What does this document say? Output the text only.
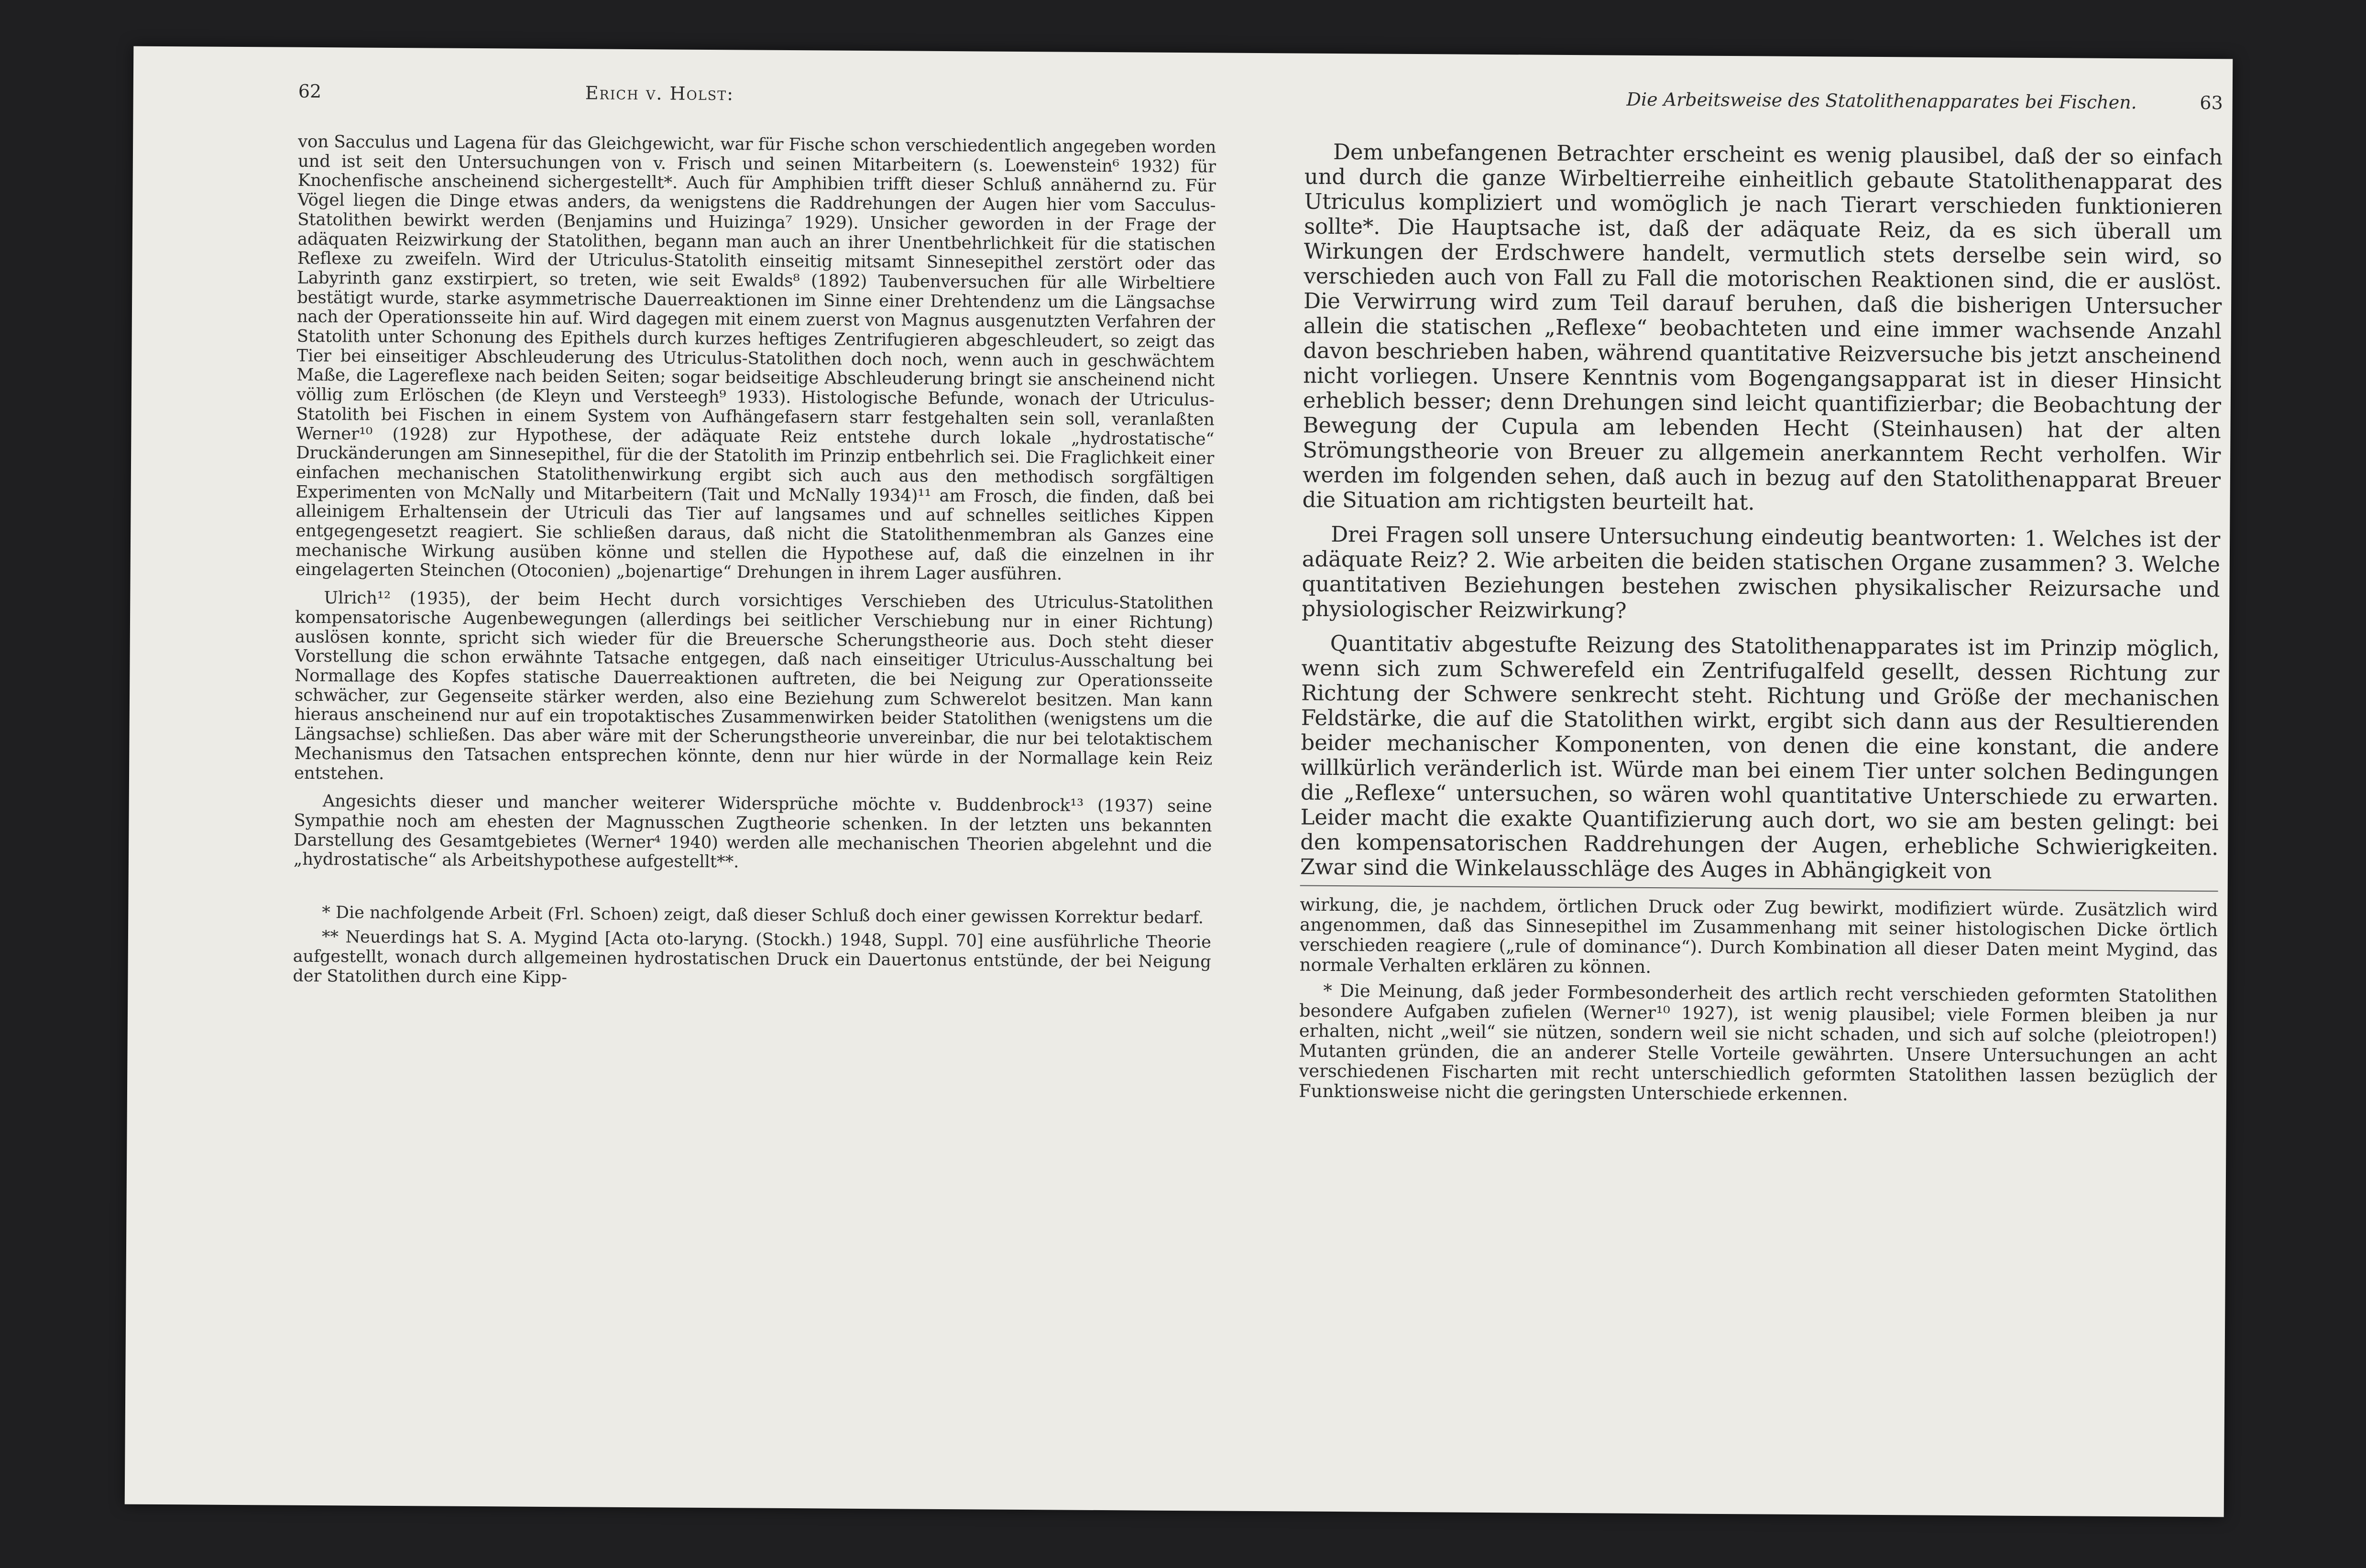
62	Erich v. Holst:

von Sacculus und Lagena für das Gleichgewicht, war für Fische schon verschiedentlich angegeben worden und ist seit den Untersuchungen von v. Frisch und seinen Mitarbeitern (s. Loewenstein⁶ 1932) für Knochenfische anscheinend sichergestellt*. Auch für Amphibien trifft dieser Schluß annähernd zu. Für Vögel liegen die Dinge etwas anders, da wenigstens die Raddrehungen der Augen hier vom Sacculus-Statolithen bewirkt werden (Benjamins und Huizinga⁷ 1929). Unsicher geworden in der Frage der adäquaten Reizwirkung der Statolithen, begann man auch an ihrer Unentbehrlichkeit für die statischen Reflexe zu zweifeln. Wird der Utriculus-Statolith einseitig mitsamt Sinnesepithel zerstört oder das Labyrinth ganz exstirpiert, so treten, wie seit Ewalds⁸ (1892) Taubenversuchen für alle Wirbeltiere bestätigt wurde, starke asymmetrische Dauerreaktionen im Sinne einer Drehtendenz um die Längsachse nach der Operationsseite hin auf. Wird dagegen mit einem zuerst von Magnus ausgenutzten Verfahren der Statolith unter Schonung des Epithels durch kurzes heftiges Zentrifugieren abgeschleudert, so zeigt das Tier bei einseitiger Abschleuderung des Utriculus-Statolithen doch noch, wenn auch in geschwächtem Maße, die Lagereflexe nach beiden Seiten; sogar beidseitige Abschleuderung bringt sie anscheinend nicht völlig zum Erlöschen (de Kleyn und Versteegh⁹ 1933). Histologische Befunde, wonach der Utriculus-Statolith bei Fischen in einem System von Aufhängefasern starr festgehalten sein soll, veranlaßten Werner¹⁰ (1928) zur Hypothese, der adäquate Reiz entstehe durch lokale „hydrostatische“ Druckänderungen am Sinnesepithel, für die der Statolith im Prinzip entbehrlich sei. Die Fraglichkeit einer einfachen mechanischen Statolithenwirkung ergibt sich auch aus den methodisch sorgfältigen Experimenten von McNally und Mitarbeitern (Tait und McNally 1934)¹¹ am Frosch, die finden, daß bei alleinigem Erhaltensein der Utriculi das Tier auf langsames und auf schnelles seitliches Kippen entgegengesetzt reagiert. Sie schließen daraus, daß nicht die Statolithenmembran als Ganzes eine mechanische Wirkung ausüben könne und stellen die Hypothese auf, daß die einzelnen in ihr eingelagerten Steinchen (Otoconien) „bojenartige“ Drehungen in ihrem Lager ausführen.

Ulrich¹² (1935), der beim Hecht durch vorsichtiges Verschieben des Utriculus-Statolithen kompensatorische Augenbewegungen (allerdings bei seitlicher Verschiebung nur in einer Richtung) auslösen konnte, spricht sich wieder für die Breuersche Scherungstheorie aus. Doch steht dieser Vorstellung die schon erwähnte Tatsache entgegen, daß nach einseitiger Utriculus-Ausschaltung bei Normallage des Kopfes statische Dauerreaktionen auftreten, die bei Neigung zur Operationsseite schwächer, zur Gegenseite stärker werden, also eine Beziehung zum Schwerelot besitzen. Man kann hieraus anscheinend nur auf ein tropotaktisches Zusammenwirken beider Statolithen (wenigstens um die Längsachse) schließen. Das aber wäre mit der Scherungstheorie unvereinbar, die nur bei telotaktischem Mechanismus den Tatsachen entsprechen könnte, denn nur hier würde in der Normallage kein Reiz entstehen.

Angesichts dieser und mancher weiterer Widersprüche möchte v. Buddenbrock¹³ (1937) seine Sympathie noch am ehesten der Magnusschen Zugtheorie schenken. In der letzten uns bekannten Darstellung des Gesamtgebietes (Werner⁴ 1940) werden alle mechanischen Theorien abgelehnt und die „hydrostatische“ als Arbeitshypothese aufgestellt**.

* Die nachfolgende Arbeit (Frl. Schoen) zeigt, daß dieser Schluß doch einer gewissen Korrektur bedarf.

** Neuerdings hat S. A. Mygind [Acta oto-laryng. (Stockh.) 1948, Suppl. 70] eine ausführliche Theorie aufgestellt, wonach durch allgemeinen hydrostatischen Druck ein Dauertonus entstünde, der bei Neigung der Statolithen durch eine Kipp-

Die Arbeitsweise des Statolithenapparates bei Fischen.	63

Dem unbefangenen Betrachter erscheint es wenig plausibel, daß der so einfach und durch die ganze Wirbeltierreihe einheitlich gebaute Statolithenapparat des Utriculus kompliziert und womöglich je nach Tierart verschieden funktionieren sollte*. Die Hauptsache ist, daß der adäquate Reiz, da es sich überall um Wirkungen der Erdschwere handelt, vermutlich stets derselbe sein wird, so verschieden auch von Fall zu Fall die motorischen Reaktionen sind, die er auslöst. Die Verwirrung wird zum Teil darauf beruhen, daß die bisherigen Untersucher allein die statischen „Reflexe“ beobachteten und eine immer wachsende Anzahl davon beschrieben haben, während quantitative Reizversuche bis jetzt anscheinend nicht vorliegen. Unsere Kenntnis vom Bogengangsapparat ist in dieser Hinsicht erheblich besser; denn Drehungen sind leicht quantifizierbar; die Beobachtung der Bewegung der Cupula am lebenden Hecht (Steinhausen) hat der alten Strömungstheorie von Breuer zu allgemein anerkanntem Recht verholfen. Wir werden im folgenden sehen, daß auch in bezug auf den Statolithenapparat Breuer die Situation am richtigsten beurteilt hat.

Drei Fragen soll unsere Untersuchung eindeutig beantworten: 1. Welches ist der adäquate Reiz? 2. Wie arbeiten die beiden statischen Organe zusammen? 3. Welche quantitativen Beziehungen bestehen zwischen physikalischer Reizursache und physiologischer Reizwirkung?

Quantitativ abgestufte Reizung des Statolithenapparates ist im Prinzip möglich, wenn sich zum Schwerefeld ein Zentrifugalfeld gesellt, dessen Richtung zur Richtung der Schwere senkrecht steht. Richtung und Größe der mechanischen Feldstärke, die auf die Statolithen wirkt, ergibt sich dann aus der Resultierenden beider mechanischer Komponenten, von denen die eine konstant, die andere willkürlich veränderlich ist. Würde man bei einem Tier unter solchen Bedingungen die „Reflexe“ untersuchen, so wären wohl quantitative Unterschiede zu erwarten. Leider macht die exakte Quantifizierung auch dort, wo sie am besten gelingt: bei den kompensatorischen Raddrehungen der Augen, erhebliche Schwierigkeiten. Zwar sind die Winkelausschläge des Auges in Abhängigkeit von

wirkung, die, je nachdem, örtlichen Druck oder Zug bewirkt, modifiziert würde. Zusätzlich wird angenommen, daß das Sinnesepithel im Zusammenhang mit seiner histologischen Dicke örtlich verschieden reagiere („rule of dominance“). Durch Kombination all dieser Daten meint Mygind, das normale Verhalten erklären zu können.

* Die Meinung, daß jeder Formbesonderheit des artlich recht verschieden geformten Statolithen besondere Aufgaben zufielen (Werner¹⁰ 1927), ist wenig plausibel; viele Formen bleiben ja nur erhalten, nicht „weil“ sie nützen, sondern weil sie nicht schaden, und sich auf solche (pleiotropen!) Mutanten gründen, die an anderer Stelle Vorteile gewährten. Unsere Untersuchungen an acht verschiedenen Fischarten mit recht unterschiedlich geformten Statolithen lassen bezüglich der Funktionsweise nicht die geringsten Unterschiede erkennen.
